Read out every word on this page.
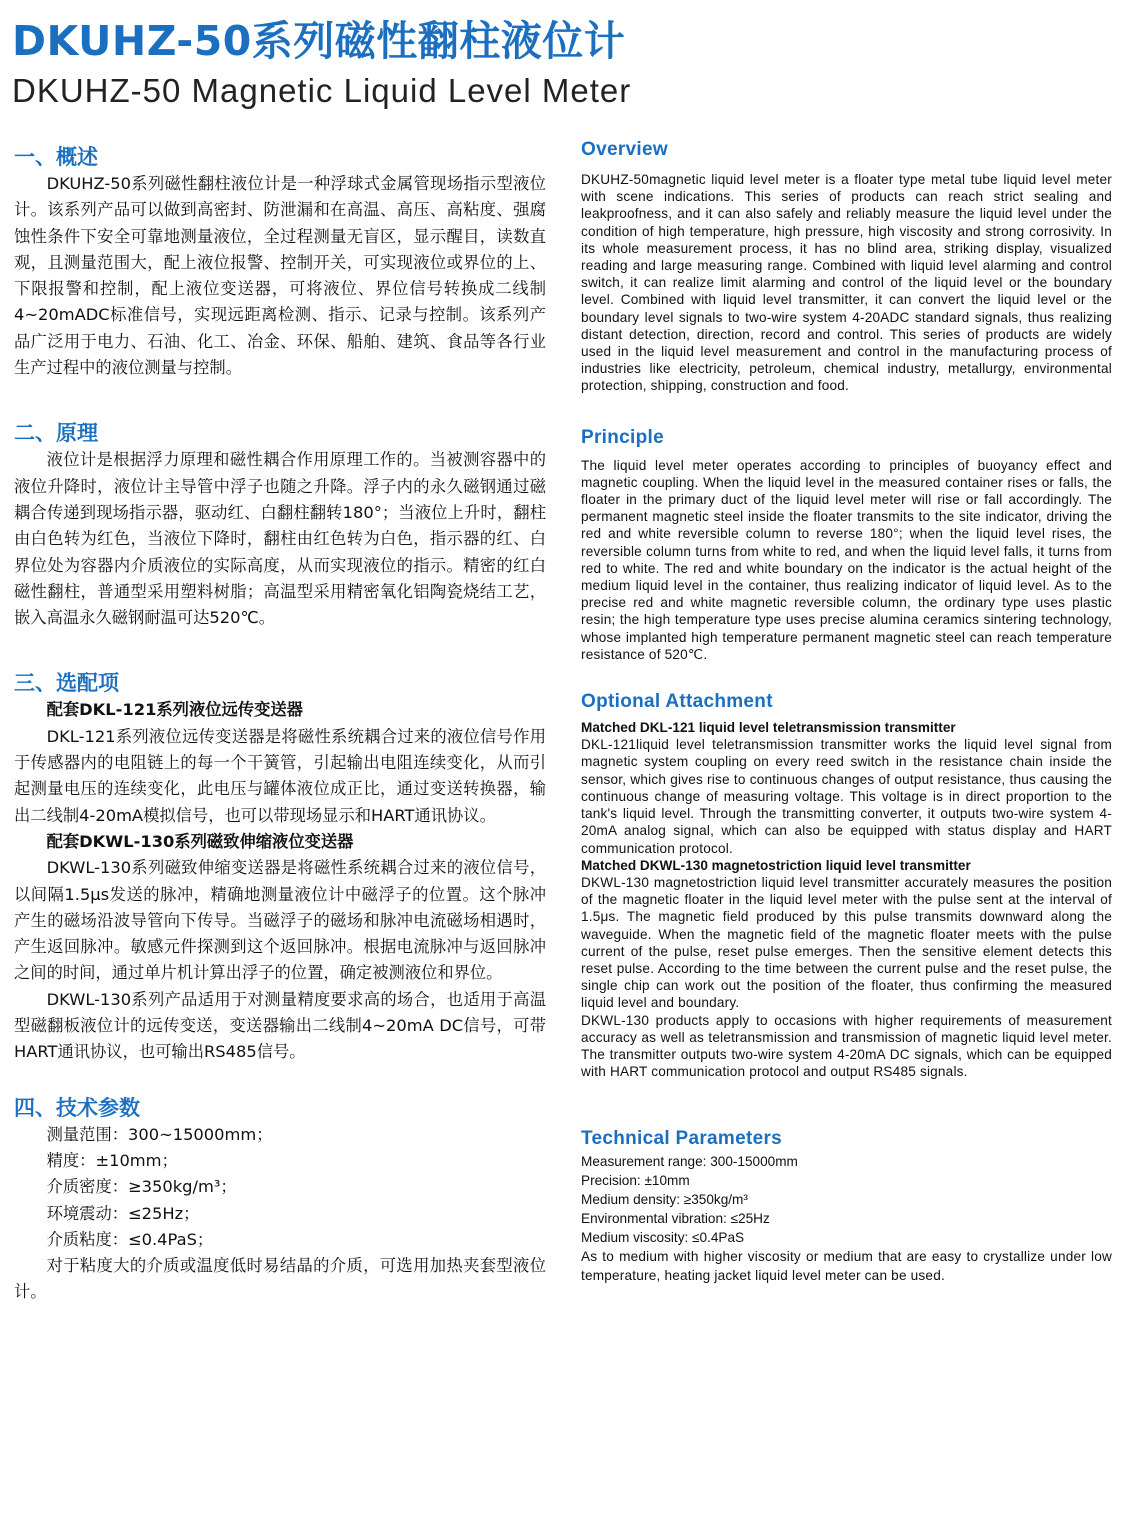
DKUHZ-50系列磁性翻柱液位计
DKUHZ-50 Magnetic Liquid Level Meter
一、概述

DKUHZ-50系列磁性翻柱液位计是一种浮球式金属管现场指示型液位计。该系列产品可以做到高密封、防泄漏和在高温、高压、高粘度、强腐蚀性条件下安全可靠地测量液位，全过程测量无盲区，显示醒目，读数直观，且测量范围大，配上液位报警、控制开关，可实现液位或界位的上、下限报警和控制，配上液位变送器，可将液位、界位信号转换成二线制4~20mADC标准信号，实现远距离检测、指示、记录与控制。该系列产品广泛用于电力、石油、化工、冶金、环保、船舶、建筑、食品等各行业生产过程中的液位测量与控制。

二、原理

液位计是根据浮力原理和磁性耦合作用原理工作的。当被测容器中的液位升降时，液位计主导管中浮子也随之升降。浮子内的永久磁钢通过磁耦合传递到现场指示器，驱动红、白翻柱翻转180°；当液位上升时，翻柱由白色转为红色，当液位下降时，翻柱由红色转为白色，指示器的红、白界位处为容器内介质液位的实际高度，从而实现液位的指示。精密的红白磁性翻柱，普通型采用塑料树脂；高温型采用精密氧化铝陶瓷烧结工艺，嵌入高温永久磁钢耐温可达520℃。

三、选配项

配套DKL-121系列液位远传变送器

DKL-121系列液位远传变送器是将磁性系统耦合过来的液位信号作用于传感器内的电阻链上的每一个干簧管，引起输出电阻连续变化，从而引起测量电压的连续变化，此电压与罐体液位成正比，通过变送转换器，输出二线制4-20mA模拟信号，也可以带现场显示和HART通讯协议。

配套DKWL-130系列磁致伸缩液位变送器

DKWL-130系列磁致伸缩变送器是将磁性系统耦合过来的液位信号，以间隔1.5μs发送的脉冲，精确地测量液位计中磁浮子的位置。这个脉冲产生的磁场沿波导管向下传导。当磁浮子的磁场和脉冲电流磁场相遇时，产生返回脉冲。敏感元件探测到这个返回脉冲。根据电流脉冲与返回脉冲之间的时间，通过单片机计算出浮子的位置，确定被测液位和界位。

DKWL-130系列产品适用于对测量精度要求高的场合，也适用于高温型磁翻板液位计的远传变送，变送器输出二线制4~20mA DC信号，可带HART通讯协议，也可输出RS485信号。

四、技术参数

测量范围：300~15000mm；

精度：±10mm；

介质密度：≥350kg/m³；

环境震动：≤25Hz；

介质粘度：≤0.4PaS；

对于粘度大的介质或温度低时易结晶的介质，可选用加热夹套型液位计。

Overview

DKUHZ-50magnetic liquid level meter is a floater type metal tube liquid level meter with scene indications. This series of products can reach strict sealing and leakproofness, and it can also safely and reliably measure the liquid level under the condition of high temperature, high pressure, high viscosity and strong corrosivity. In its whole measurement process, it has no blind area, striking display, visualized reading and large measuring range. Combined with liquid level alarming and control switch, it can realize limit alarming and control of the liquid level or the boundary level. Combined with liquid level transmitter, it can convert the liquid level or the boundary level signals to two-wire system 4-20ADC standard signals, thus realizing distant detection, direction, record and control. This series of products are widely used in the liquid level measurement and control in the manufacturing process of industries like electricity, petroleum, chemical industry, metallurgy, environmental protection, shipping, construction and food.

Principle

The liquid level meter operates according to principles of buoyancy effect and magnetic coupling. When the liquid level in the measured container rises or falls, the floater in the primary duct of the liquid level meter will rise or fall accordingly. The permanent magnetic steel inside the floater transmits to the site indicator, driving the red and white reversible column to reverse 180°; when the liquid level rises, the reversible column turns from white to red, and when the liquid level falls, it turns from red to white. The red and white boundary on the indicator is the actual height of the medium liquid level in the container, thus realizing indicator of liquid level. As to the precise red and white magnetic reversible column, the ordinary type uses plastic resin; the high temperature type uses precise alumina ceramics sintering technology, whose implanted high temperature permanent magnetic steel can reach temperature resistance of 520℃.

Optional Attachment

Matched DKL-121 liquid level teletransmission transmitter

DKL-121liquid level teletransmission transmitter works the liquid level signal from magnetic system coupling on every reed switch in the resistance chain inside the sensor, which gives rise to continuous changes of output resistance, thus causing the continuous change of measuring voltage. This voltage is in direct proportion to the tank's liquid level. Through the transmitting converter, it outputs two-wire system 4-20mA analog signal, which can also be equipped with status display and HART communication protocol.

Matched DKWL-130 magnetostriction liquid level transmitter

DKWL-130 magnetostriction liquid level transmitter accurately measures the position of the magnetic floater in the liquid level meter with the pulse sent at the interval of 1.5μs. The magnetic field produced by this pulse transmits downward along the waveguide. When the magnetic field of the magnetic floater meets with the pulse current of the pulse, reset pulse emerges. Then the sensitive element detects this reset pulse. According to the time between the current pulse and the reset pulse, the single chip can work out the position of the floater, thus confirming the measured liquid level and boundary.

DKWL-130 products apply to occasions with higher requirements of measurement accuracy as well as teletransmission and transmission of magnetic liquid level meter. The transmitter outputs two-wire system 4-20mA DC signals, which can be equipped with HART communication protocol and output RS485 signals.

Technical Parameters

Measurement range: 300-15000mm

Precision: ±10mm

Medium density: ≥350kg/m³

Environmental vibration: ≤25Hz

Medium viscosity: ≤0.4PaS

As to medium with higher viscosity or medium that are easy to crystallize under low temperature, heating jacket liquid level meter can be used.
